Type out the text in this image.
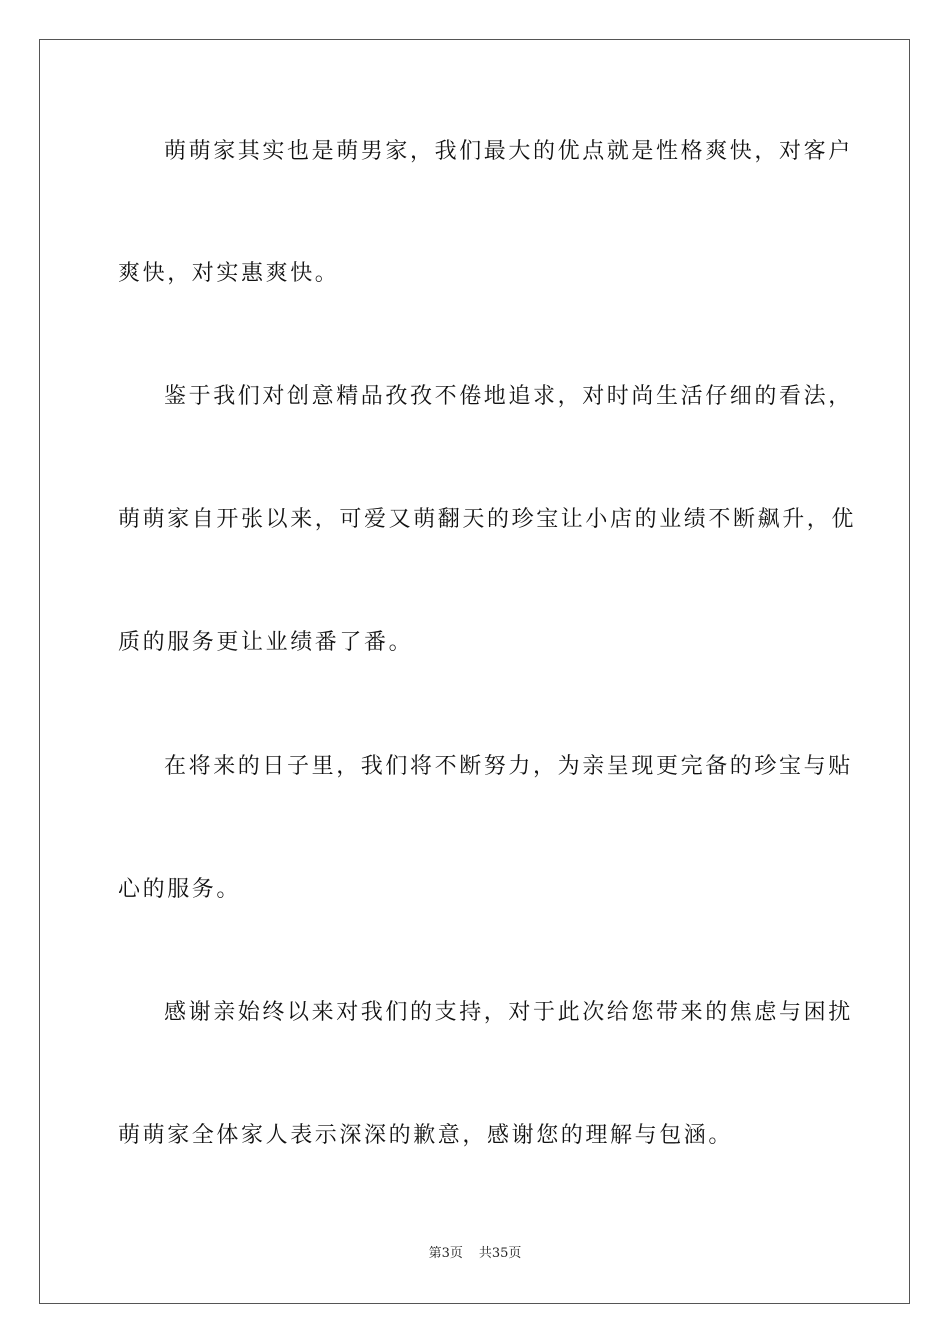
萌萌家其实也是萌男家，我们最大的优点就是性格爽快，对客户
爽快，对实惠爽快。
鉴于我们对创意精品孜孜不倦地追求，对时尚生活仔细的看法，
萌萌家自开张以来，可爱又萌翻天的珍宝让小店的业绩不断飙升，优
质的服务更让业绩番了番。
在将来的日子里，我们将不断努力，为亲呈现更完备的珍宝与贴
心的服务。
感谢亲始终以来对我们的支持，对于此次给您带来的焦虑与困扰
萌萌家全体家人表示深深的歉意，感谢您的理解与包涵。
第3页 共35页
